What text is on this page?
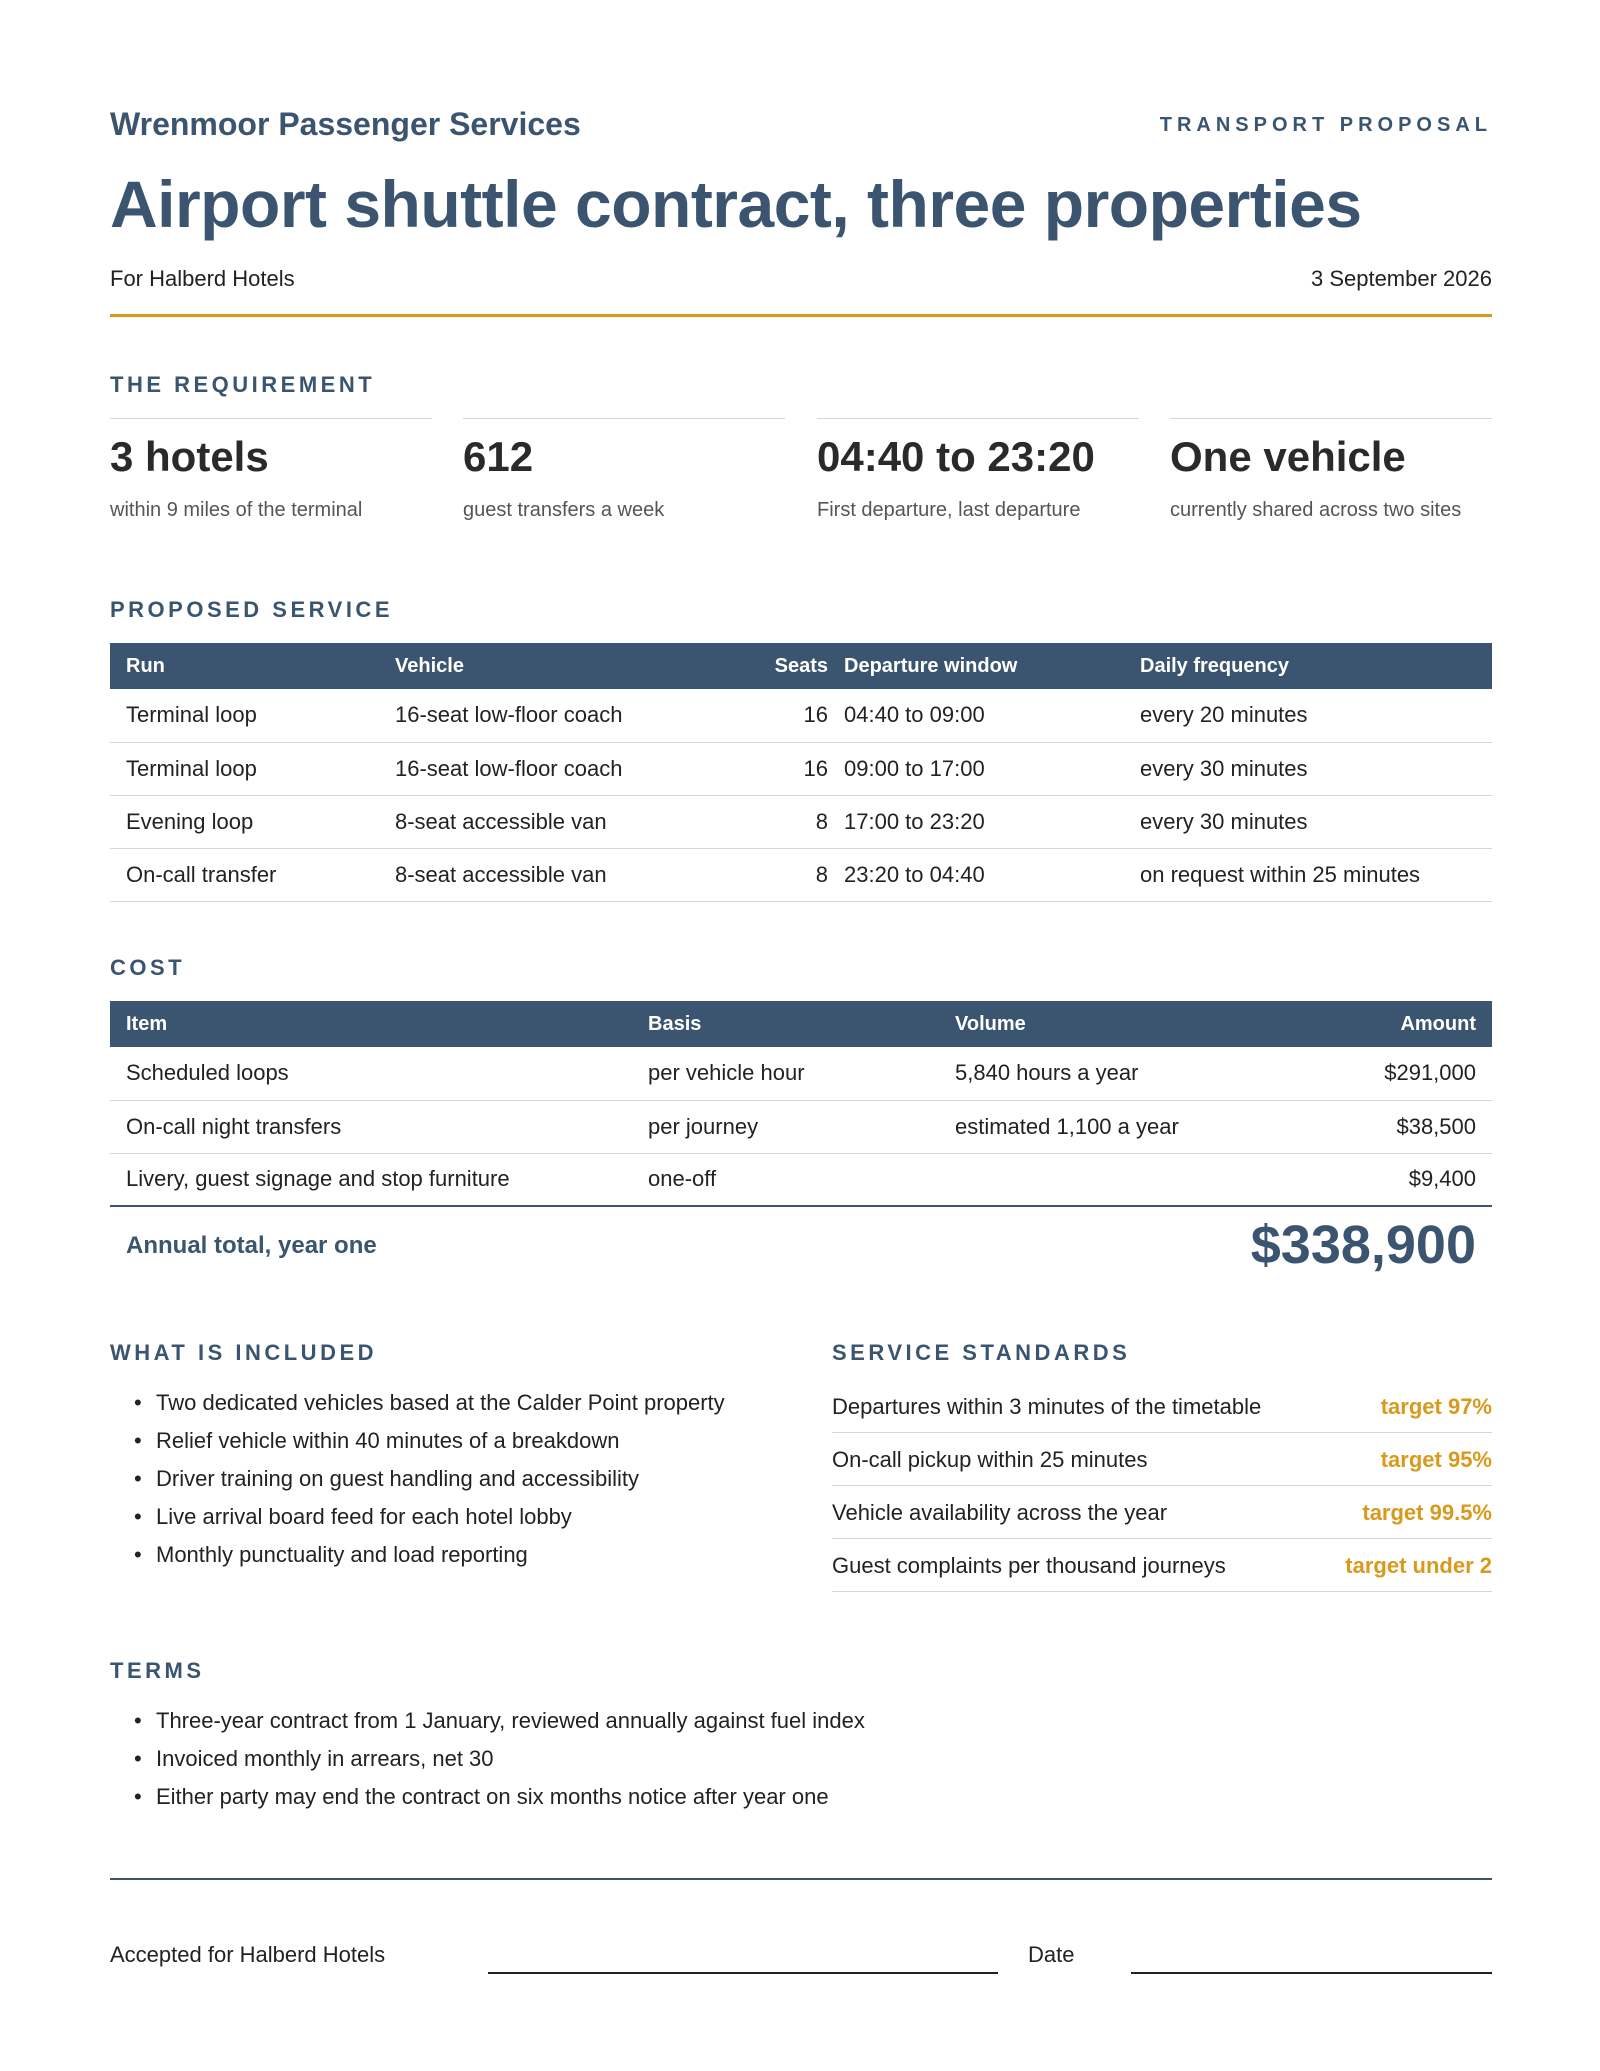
Wrenmoor Passenger Services	TRANSPORT PROPOSAL
Airport shuttle contract, three properties
For Halberd Hotels	3 September 2026
THE REQUIREMENT
3 hotels
within 9 miles of the terminal
612
guest transfers a week
04:40 to 23:20
First departure, last departure
One vehicle
currently shared across two sites
PROPOSED SERVICE
Run	Vehicle	Seats	Departure window	Daily frequency
Terminal loop	16-seat low-floor coach	16	04:40 to 09:00	every 20 minutes
Terminal loop	16-seat low-floor coach	16	09:00 to 17:00	every 30 minutes
Evening loop	8-seat accessible van	8	17:00 to 23:20	every 30 minutes
On-call transfer	8-seat accessible van	8	23:20 to 04:40	on request within 25 minutes
COST
Item	Basis	Volume	Amount
Scheduled loops	per vehicle hour	5,840 hours a year	$291,000
On-call night transfers	per journey	estimated 1,100 a year	$38,500
Livery, guest signage and stop furniture	one-off		$9,400
Annual total, year one	$338,900
WHAT IS INCLUDED
• Two dedicated vehicles based at the Calder Point property
• Relief vehicle within 40 minutes of a breakdown
• Driver training on guest handling and accessibility
• Live arrival board feed for each hotel lobby
• Monthly punctuality and load reporting
SERVICE STANDARDS
Departures within 3 minutes of the timetable	target 97%
On-call pickup within 25 minutes	target 95%
Vehicle availability across the year	target 99.5%
Guest complaints per thousand journeys	target under 2
TERMS
• Three-year contract from 1 January, reviewed annually against fuel index
• Invoiced monthly in arrears, net 30
• Either party may end the contract on six months notice after year one
Accepted for Halberd Hotels	Date
